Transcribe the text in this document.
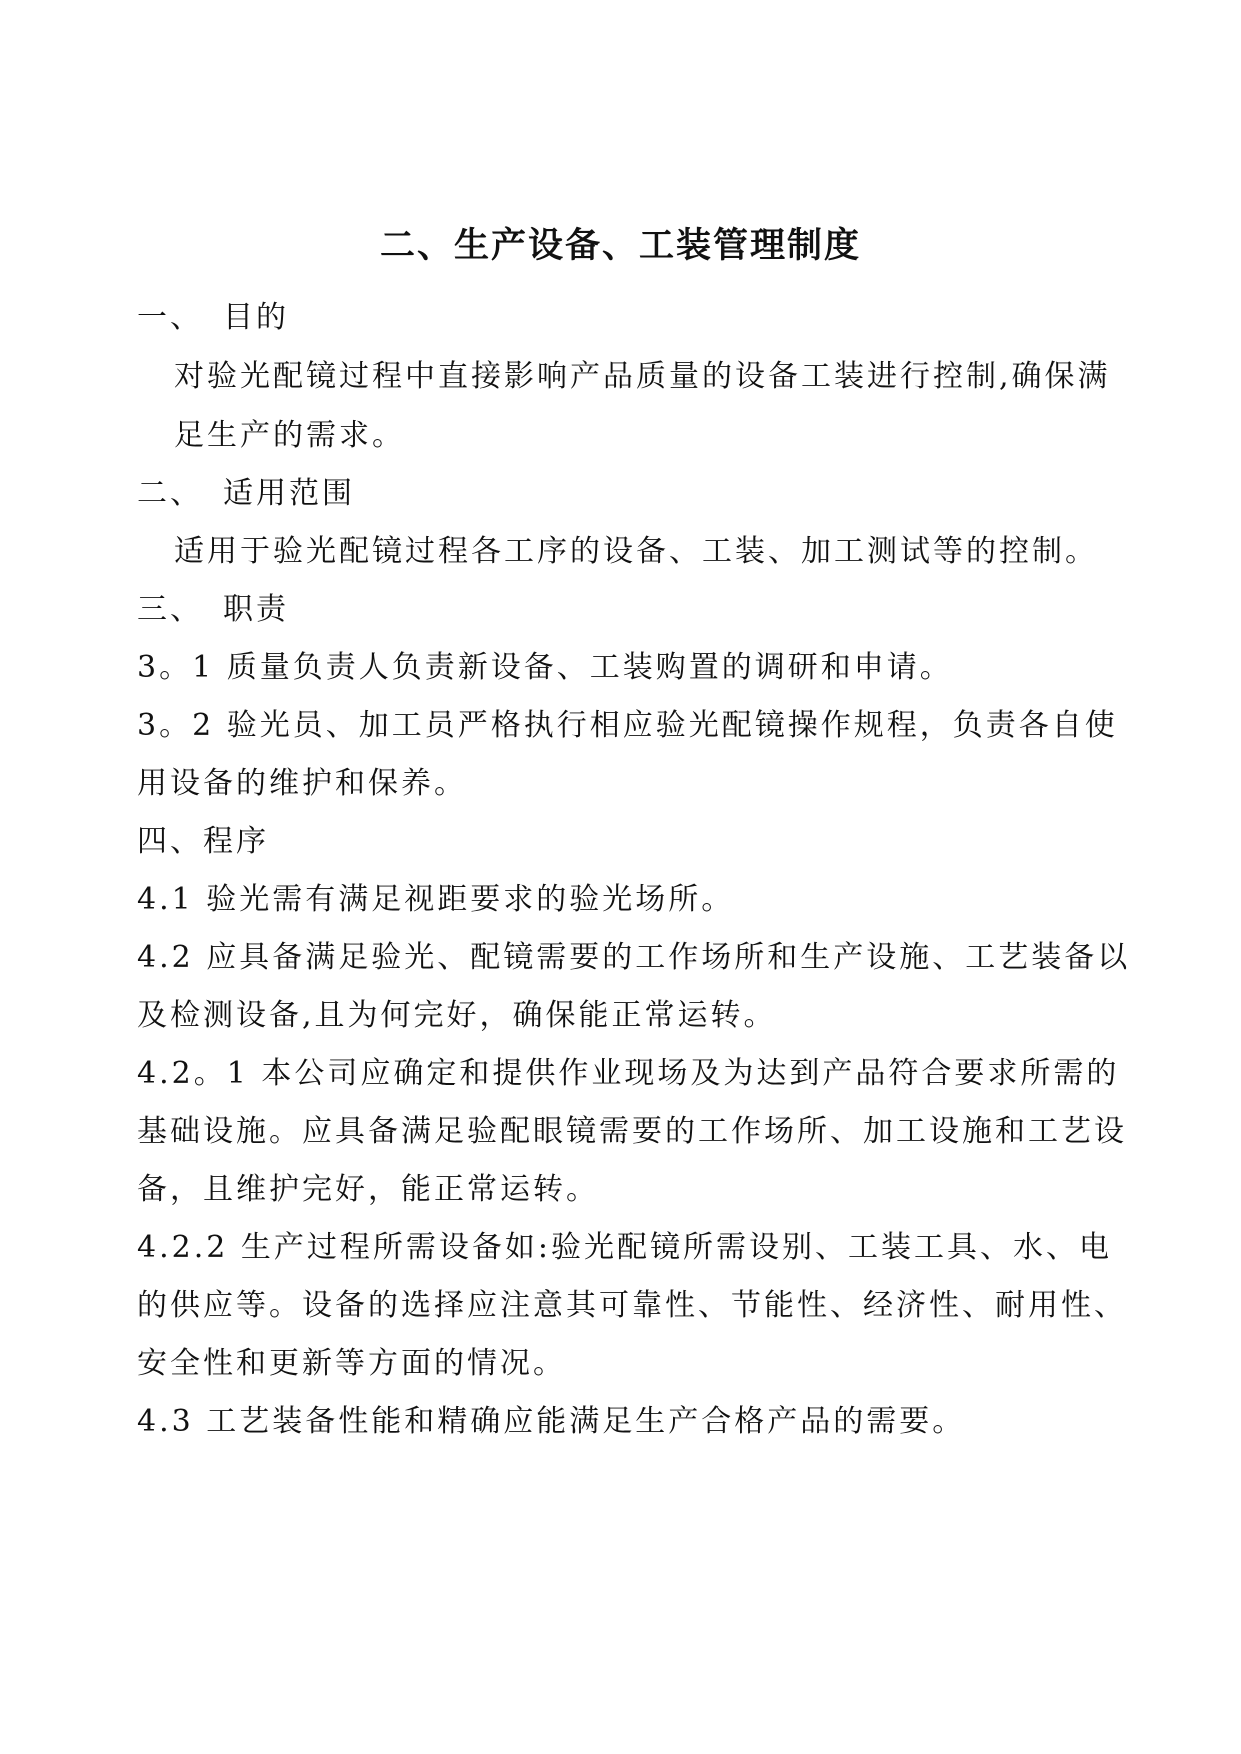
二、生产设备、工装管理制度
一、 目的
对验光配镜过程中直接影响产品质量的设备工装进行控制,确保满
足生产的需求。
二、 适用范围
适用于验光配镜过程各工序的设备、工装、加工测试等的控制。
三、 职责
3。1 质量负责人负责新设备、工装购置的调研和申请。
3。2 验光员、加工员严格执行相应验光配镜操作规程，负责各自使
用设备的维护和保养。
四、程序
4.1 验光需有满足视距要求的验光场所。
4.2 应具备满足验光、配镜需要的工作场所和生产设施、工艺装备以
及检测设备,且为何完好，确保能正常运转。
4.2。1 本公司应确定和提供作业现场及为达到产品符合要求所需的
基础设施。应具备满足验配眼镜需要的工作场所、加工设施和工艺设
备，且维护完好，能正常运转。
4.2.2 生产过程所需设备如:验光配镜所需设别、工装工具、水、电
的供应等。设备的选择应注意其可靠性、节能性、经济性、耐用性、
安全性和更新等方面的情况。
4.3 工艺装备性能和精确应能满足生产合格产品的需要。
